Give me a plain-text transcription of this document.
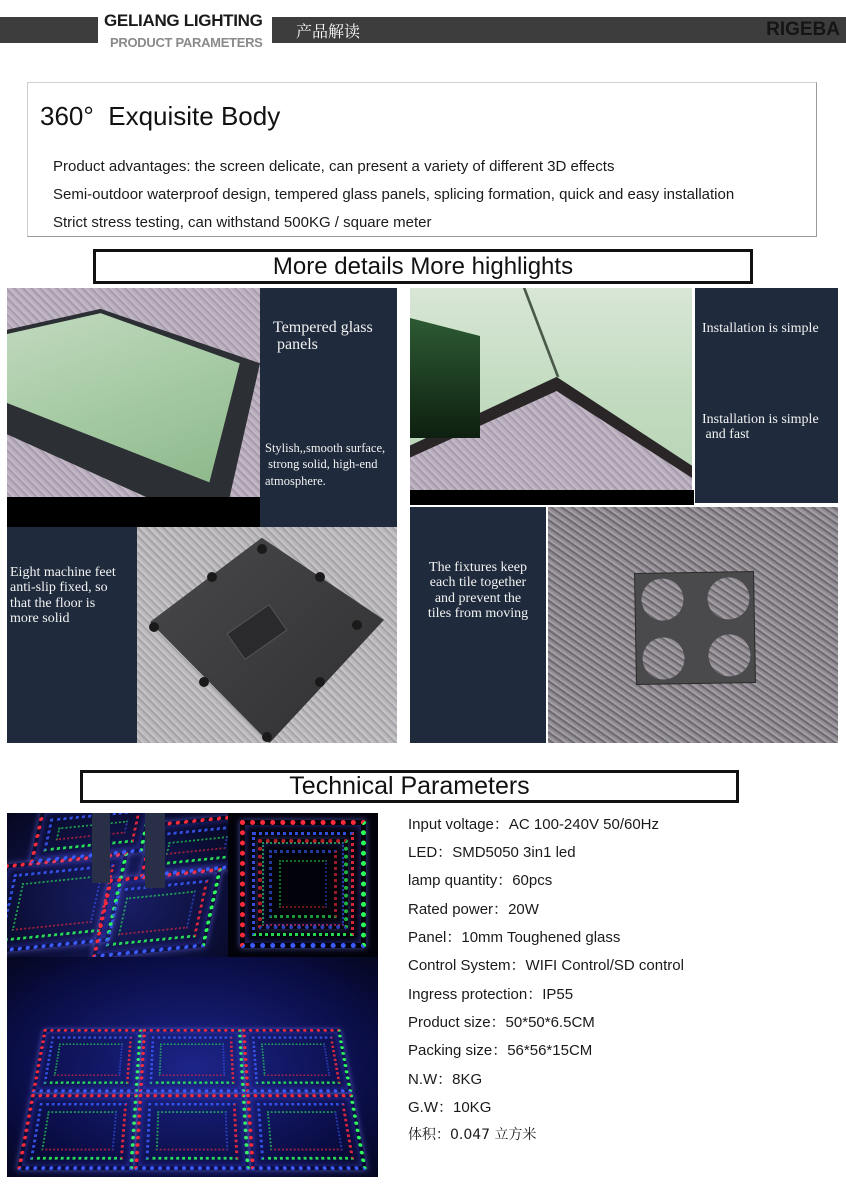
GELIANG LIGHTING
PRODUCT PARAMETERS
产品解读	RIGEBA
360°  Exquisite Body
Product advantages: the screen delicate, can present a variety of different 3D effects
Semi-outdoor waterproof design, tempered glass panels, splicing formation, quick and easy installation
Strict stress testing, can withstand 500KG / square meter
More details More highlights
Tempered glass
panels
Stylish,,smooth surface,
strong solid, high-end
atmosphere.
Eight machine feet
anti-slip fixed, so
that the floor is
more solid
Installation is simple
Installation is simple
and fast
The fixtures keep
each tile together
and prevent the
tiles from moving
Technical Parameters
Input voltage：AC 100-240V 50/60Hz
LED：SMD5050 3in1 led
lamp quantity：60pcs
Rated power：20W
Panel：10mm Toughened glass
Control System：WIFI Control/SD control
Ingress protection：IP55
Product size：50*50*6.5CM
Packing size：56*56*15CM
N.W：8KG
G.W：10KG
体积：0.047 立方米
